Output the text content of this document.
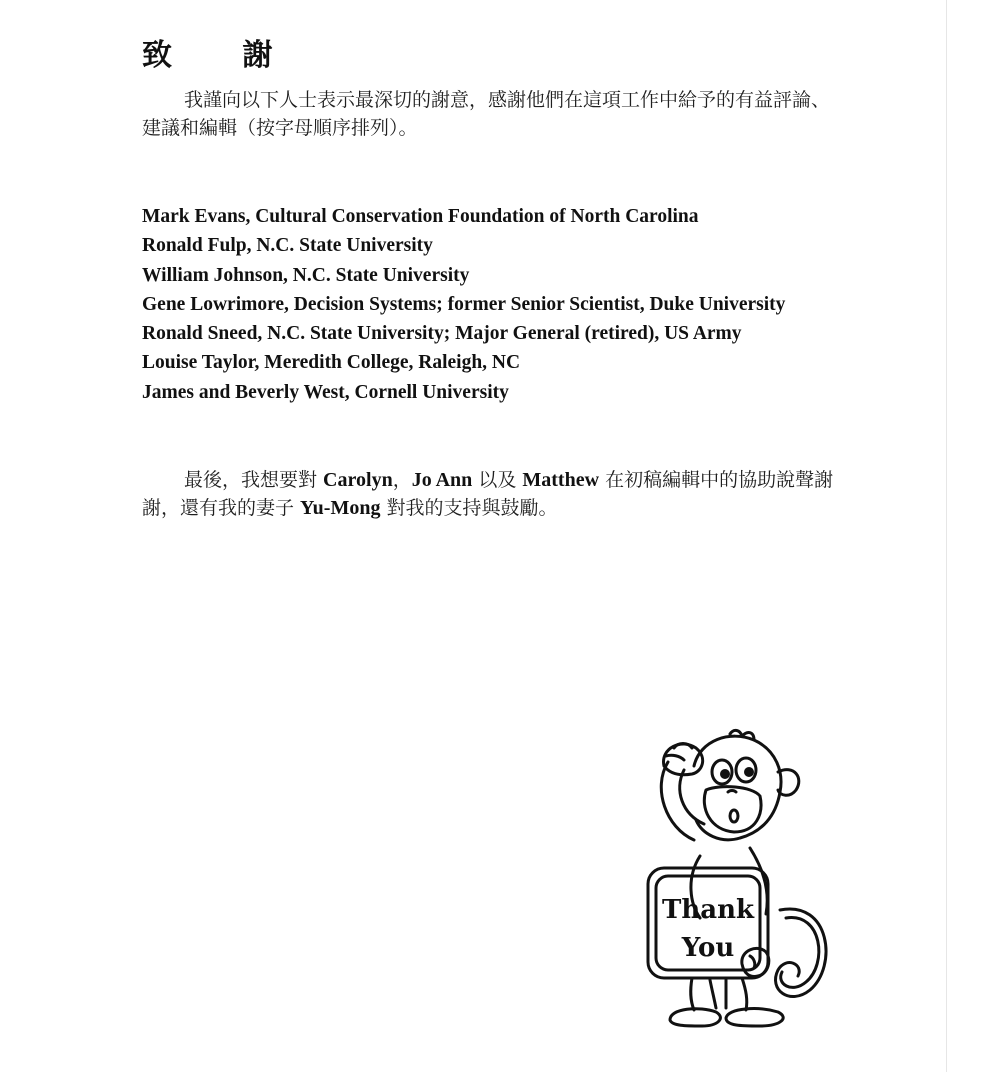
致 謝

我謹向以下人士表示最深切的謝意，感謝他們在這項工作中給予的有益評論、建議和編輯（按字母順序排列）。

Mark Evans, Cultural Conservation Foundation of North Carolina
Ronald Fulp, N.C. State University
William Johnson, N.C. State University
Gene Lowrimore, Decision Systems; former Senior Scientist, Duke University
Ronald Sneed, N.C. State University; Major General (retired), US Army
Louise Taylor, Meredith College, Raleigh, NC
James and Beverly West, Cornell University

最後，我想要對 Carolyn，Jo Ann 以及 Matthew 在初稿編輯中的協助說聲謝謝，還有我的妻子 Yu-Mong 對我的支持與鼓勵。

Thank
You
